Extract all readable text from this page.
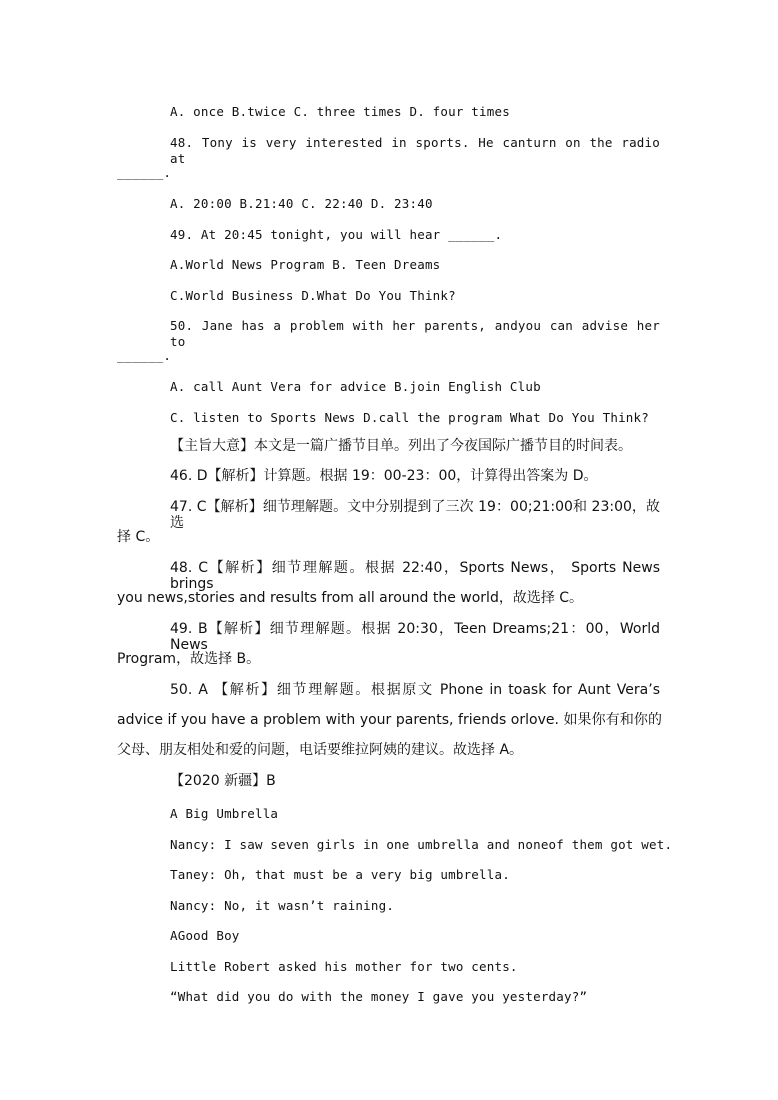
A. once B.twice C. three times D. four times
48. Tony is very interested in sports. He canturn on the radio at
______.
A. 20:00 B.21:40 C. 22:40 D. 23:40
49. At 20:45 tonight, you will hear ______.
A.World News Program B. Teen Dreams
C.World Business D.What Do You Think?
50. Jane has a problem with her parents, andyou can advise her to
______.
A. call Aunt Vera for advice B.join English Club
C. listen to Sports News D.call the program What Do You Think?
【主旨大意】本文是一篇广播节目单。列出了今夜国际广播节目的时间表。
46. D【解析】计算题。根据 19：00-23：00，计算得出答案为 D。
47. C【解析】细节理解题。文中分别提到了三次 19：00;21:00和 23:00，故选
择 C。
48. C【解析】细节理解题。根据 22:40，Sports News， Sports News brings
you news,stories and results from all around the world，故选择 C。
49. B【解析】细节理解题。根据 20:30，Teen Dreams;21：00，World News
Program，故选择 B。
50. A 【解析】细节理解题。根据原文 Phone in toask for Aunt Vera’s
advice if you have a problem with your parents, friends orlove. 如果你有和你的
父母、朋友相处和爱的问题，电话要维拉阿姨的建议。故选择 A。
【2020 新疆】B
A Big Umbrella
Nancy: I saw seven girls in one umbrella and noneof them got wet.
Taney: Oh, that must be a very big umbrella.
Nancy: No, it wasn’t raining.
AGood Boy
Little Robert asked his mother for two cents.
“What did you do with the money I gave you yesterday?”
